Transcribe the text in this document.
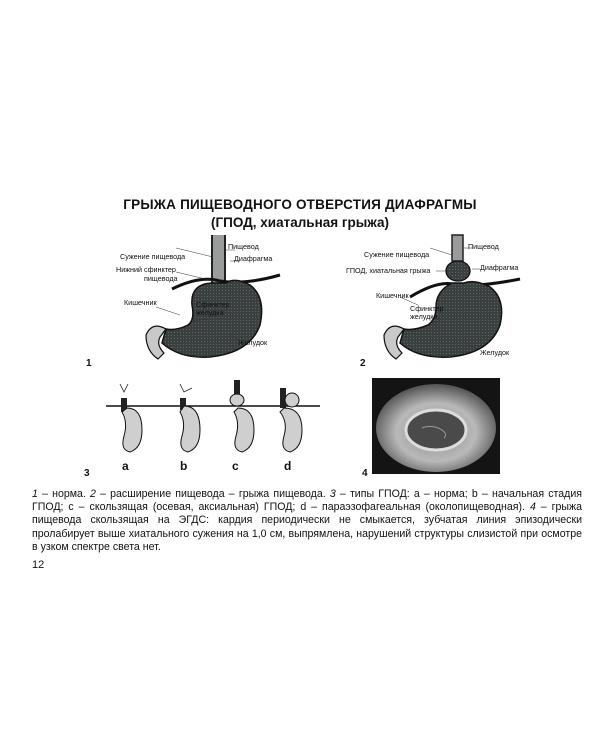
ГРЫЖА ПИЩЕВОДНОГО ОТВЕРСТИЯ ДИАФРАГМЫ
(ГПОД, хиатальная грыжа)
Сужение пищевода
Пищевод
Диафрагма
Нижний сфинктер
пищевода
Кишечник	Сфинктер
желудка
Желудок
1
Сужение пищевода
Пищевод
ГПОД, хиатальная грыжа	Диафрагма
Кишечник
Сфинктер
желудка
Желудок
2
a	b	c	d
3	4
1 – норма. 2 – расширение пищевода – грыжа пищевода. 3 – типы ГПОД: a – норма; b – начальная стадия ГПОД; c – скользящая (осевая, аксиальная) ГПОД; d – параэзофагеальная (околопищеводная). 4 – грыжа пищевода скользящая на ЭГДС: кардия периодически не смыкается, зубчатая линия эпизодически пролабирует выше хиатального сужения на 1,0 см, выпрямлена, нарушений структуры слизистой при осмотре в узком спектре света нет.
12
